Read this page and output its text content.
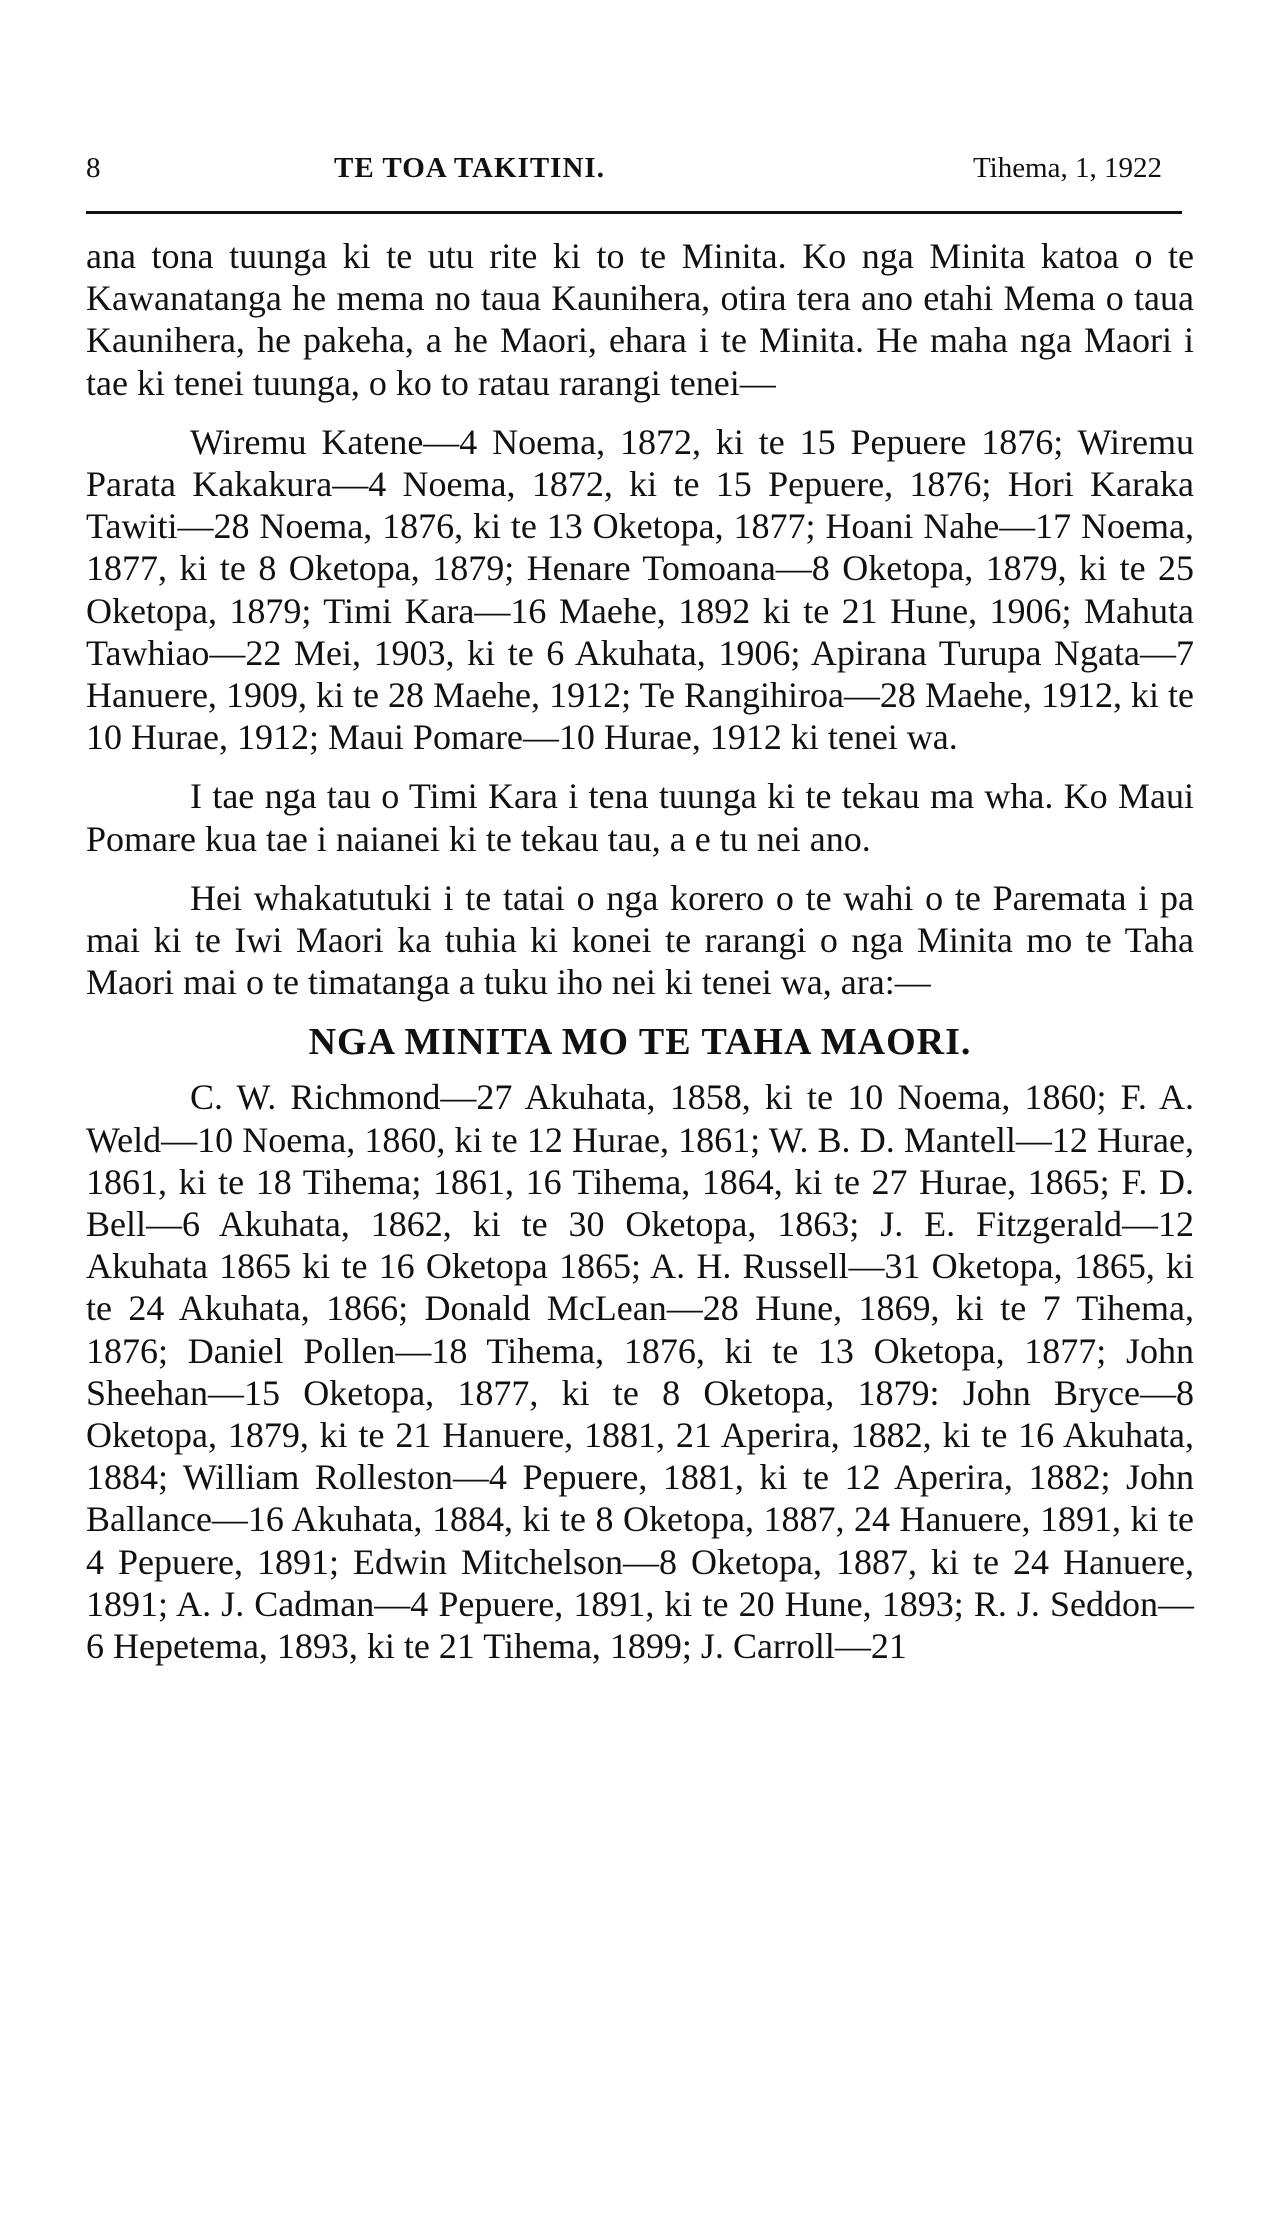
8	TE TOA TAKITINI.	Tihema, 1, 1922

ana tona tuunga ki te utu rite ki to te Minita. Ko nga Minita katoa o te Kawanatanga he mema no taua Kaunihera, otira tera ano etahi Mema o taua Kaunihera, he pakeha, a he Maori, ehara i te Minita. He maha nga Maori i tae ki tenei tuunga, o ko to ratau rarangi tenei—

Wiremu Katene—4 Noema, 1872, ki te 15 Pepuere 1876; Wiremu Parata Kakakura—4 Noema, 1872, ki te 15 Pepuere, 1876; Hori Karaka Tawiti—28 Noema, 1876, ki te 13 Oketopa, 1877; Hoani Nahe—17 Noema, 1877, ki te 8 Oketopa, 1879; Henare Tomoana—8 Oketopa, 1879, ki te 25 Oketopa, 1879; Timi Kara—16 Maehe, 1892 ki te 21 Hune, 1906; Mahuta Tawhiao—22 Mei, 1903, ki te 6 Akuhata, 1906; Apirana Turupa Ngata—7 Hanuere, 1909, ki te 28 Maehe, 1912; Te Rangihiroa—28 Maehe, 1912, ki te 10 Hurae, 1912; Maui Pomare—10 Hurae, 1912 ki tenei wa.

I tae nga tau o Timi Kara i tena tuunga ki te tekau ma wha. Ko Maui Pomare kua tae i naianei ki te tekau tau, a e tu nei ano.

Hei whakatutuki i te tatai o nga korero o te wahi o te Paremata i pa mai ki te Iwi Maori ka tuhia ki konei te rarangi o nga Minita mo te Taha Maori mai o te timatanga a tuku iho nei ki tenei wa, ara:—

NGA MINITA MO TE TAHA MAORI.

C. W. Richmond—27 Akuhata, 1858, ki te 10 Noema, 1860; F. A. Weld—10 Noema, 1860, ki te 12 Hurae, 1861; W. B. D. Mantell—12 Hurae, 1861, ki te 18 Tihema; 1861, 16 Tihema, 1864, ki te 27 Hurae, 1865; F. D. Bell—6 Akuhata, 1862, ki te 30 Oketopa, 1863; J. E. Fitzgerald—12 Akuhata 1865 ki te 16 Oketopa 1865; A. H. Russell—31 Oketopa, 1865, ki te 24 Akuhata, 1866; Donald McLean—28 Hune, 1869, ki te 7 Tihema, 1876; Daniel Pollen—18 Tihema, 1876, ki te 13 Oketopa, 1877; John Sheehan—15 Oketopa, 1877, ki te 8 Oketopa, 1879: John Bryce—8 Oketopa, 1879, ki te 21 Hanuere, 1881, 21 Aperira, 1882, ki te 16 Akuhata, 1884; William Rolleston—4 Pepuere, 1881, ki te 12 Aperira, 1882; John Ballance—16 Akuhata, 1884, ki te 8 Oketopa, 1887, 24 Hanuere, 1891, ki te 4 Pepuere, 1891; Edwin Mitchelson—8 Oketopa, 1887, ki te 24 Hanuere, 1891; A. J. Cadman—4 Pepuere, 1891, ki te 20 Hune, 1893; R. J. Seddon—6 Hepetema, 1893, ki te 21 Tihema, 1899; J. Carroll—21
